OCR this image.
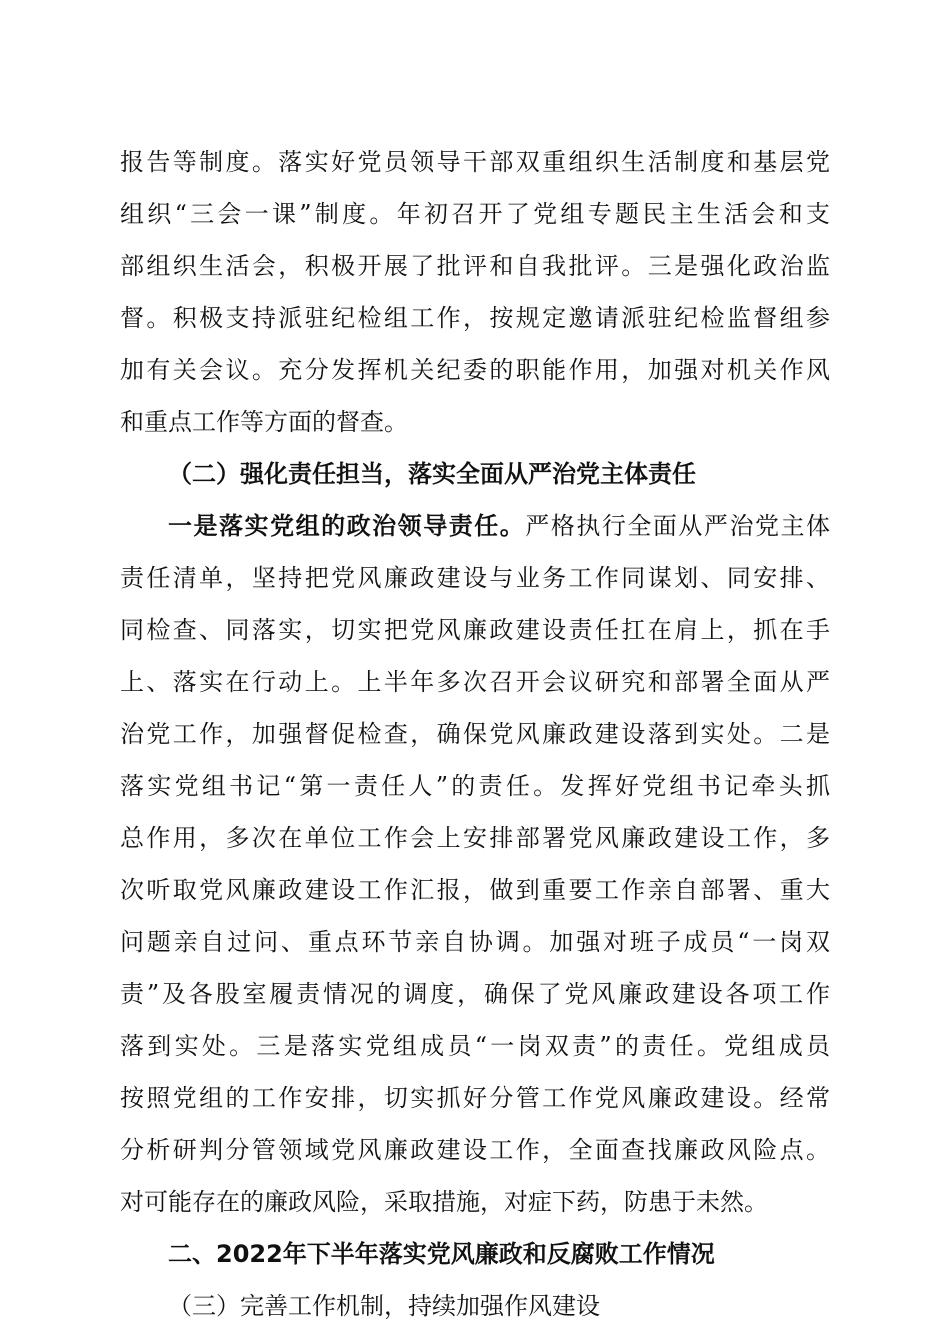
报告等制度。落实好党员领导干部双重组织生活制度和基层党
组织“三会一课”制度。年初召开了党组专题民主生活会和支
部组织生活会，积极开展了批评和自我批评。三是强化政治监
督。积极支持派驻纪检组工作，按规定邀请派驻纪检监督组参
加有关会议。充分发挥机关纪委的职能作用，加强对机关作风
和重点工作等方面的督查。
（二）强化责任担当，落实全面从严治党主体责任
一是落实党组的政治领导责任。严格执行全面从严治党主体
责任清单，坚持把党风廉政建设与业务工作同谋划、同安排、
同检查、同落实，切实把党风廉政建设责任扛在肩上，抓在手
上、落实在行动上。上半年多次召开会议研究和部署全面从严
治党工作，加强督促检查，确保党风廉政建设落到实处。二是
落实党组书记“第一责任人”的责任。发挥好党组书记牵头抓
总作用，多次在单位工作会上安排部署党风廉政建设工作，多
次听取党风廉政建设工作汇报，做到重要工作亲自部署、重大
问题亲自过问、重点环节亲自协调。加强对班子成员“一岗双
责”及各股室履责情况的调度，确保了党风廉政建设各项工作
落到实处。三是落实党组成员“一岗双责”的责任。党组成员
按照党组的工作安排，切实抓好分管工作党风廉政建设。经常
分析研判分管领域党风廉政建设工作，全面查找廉政风险点。
对可能存在的廉政风险，采取措施，对症下药，防患于未然。
二、2022年下半年落实党风廉政和反腐败工作情况
（三）完善工作机制，持续加强作风建设
